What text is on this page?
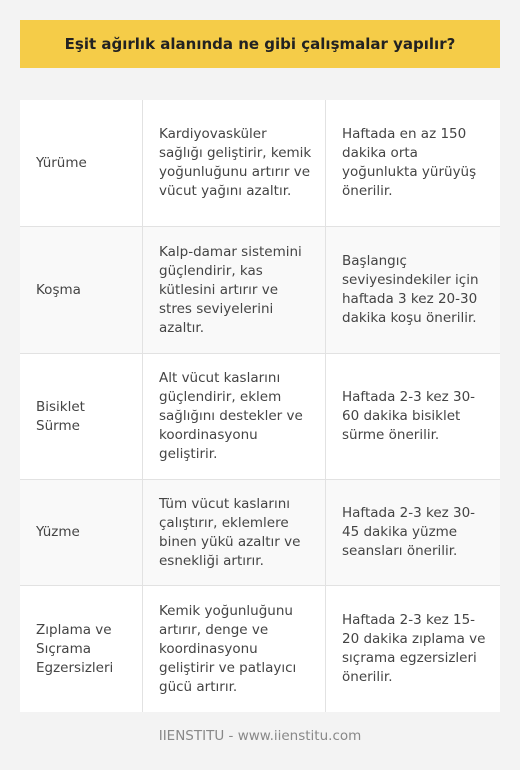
Eşit ağırlık alanında ne gibi çalışmalar yapılır?
Yürüme
Kardiyovasküler sağlığı geliştirir, kemik yoğunluğunu artırır ve vücut yağını azaltır.
Haftada en az 150 dakika orta yoğunlukta yürüyüş önerilir.
Koşma
Kalp-damar sistemini güçlendirir, kas kütlesini artırır ve stres seviyelerini azaltır.
Başlangıç seviyesindekiler için haftada 3 kez 20-30 dakika koşu önerilir.
Bisiklet Sürme
Alt vücut kaslarını güçlendirir, eklem sağlığını destekler ve koordinasyonu geliştirir.
Haftada 2-3 kez 30-60 dakika bisiklet sürme önerilir.
Yüzme
Tüm vücut kaslarını çalıştırır, eklemlere binen yükü azaltır ve esnekliği artırır.
Haftada 2-3 kez 30-45 dakika yüzme seansları önerilir.
Zıplama ve Sıçrama Egzersizleri
Kemik yoğunluğunu artırır, denge ve koordinasyonu geliştirir ve patlayıcı gücü artırır.
Haftada 2-3 kez 15-20 dakika zıplama ve sıçrama egzersizleri önerilir.
IIENSTITU - www.iienstitu.com
